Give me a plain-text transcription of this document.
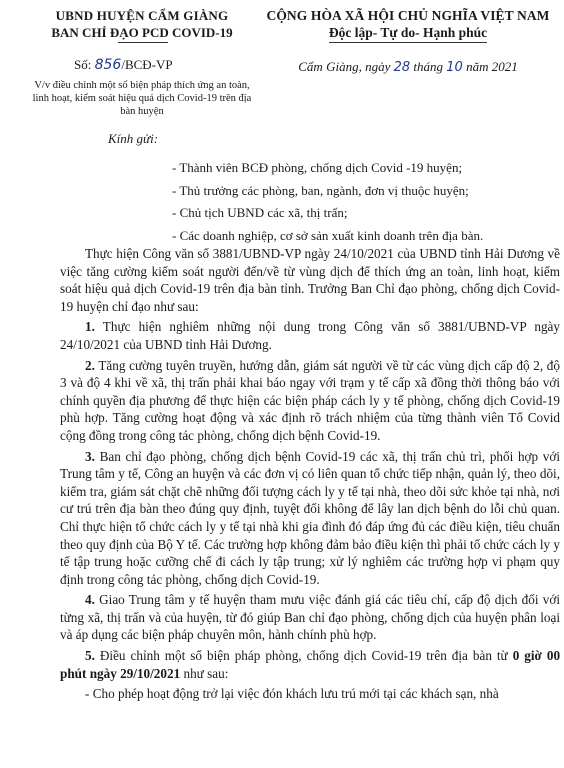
UBND HUYỆN CẨM GIÀNG
BAN CHỈ ĐẠO PCD COVID-19
Số: 856/BCĐ-VP
V/v điều chỉnh một số biện pháp thích ứng an toàn, linh hoạt, kiểm soát hiệu quả dịch Covid-19 trên địa bàn huyện
CỘNG HÒA XÃ HỘI CHỦ NGHĨA VIỆT NAM
Độc lập- Tự do- Hạnh phúc
Cẩm Giàng, ngày 28 tháng 10 năm 2021
Kính gửi:
- Thành viên BCĐ phòng, chống dịch Covid -19 huyện;
- Thủ trưởng các phòng, ban, ngành, đơn vị thuộc huyện;
- Chủ tịch UBND các xã, thị trấn;
- Các doanh nghiệp, cơ sở sản xuất kinh doanh trên địa bàn.

Thực hiện Công văn số 3881/UBND-VP ngày 24/10/2021 của UBND tỉnh Hải Dương về việc tăng cường kiểm soát người đến/về từ vùng dịch để thích ứng an toàn, linh hoạt, kiểm soát hiệu quả dịch Covid-19 trên địa bàn tỉnh. Trưởng Ban Chỉ đạo phòng, chống dịch Covid-19 huyện chỉ đạo như sau:

1. Thực hiện nghiêm những nội dung trong Công văn số 3881/UBND-VP ngày 24/10/2021 của UBND tỉnh Hải Dương.

2. Tăng cường tuyên truyền, hướng dẫn, giám sát người về từ các vùng dịch cấp độ 2, độ 3 và độ 4 khi về xã, thị trấn phải khai báo ngay với trạm y tế cấp xã đồng thời thông báo với chính quyền địa phương để thực hiện các biện pháp cách ly y tế phòng, chống dịch Covid-19 phù hợp. Tăng cường hoạt động và xác định rõ trách nhiệm của từng thành viên Tổ Covid cộng đồng trong công tác phòng, chống dịch bệnh Covid-19.

3. Ban chỉ đạo phòng, chống dịch bệnh Covid-19 các xã, thị trấn chủ trì, phối hợp với Trung tâm y tế, Công an huyện và các đơn vị có liên quan tổ chức tiếp nhận, quản lý, theo dõi, kiểm tra, giám sát chặt chẽ những đối tượng cách ly y tế tại nhà, theo dõi sức khỏe tại nhà, nơi cư trú trên địa bàn theo đúng quy định, tuyệt đối không để lây lan dịch bệnh do lỗi chủ quan. Chỉ thực hiện tổ chức cách ly y tế tại nhà khi gia đình đó đáp ứng đủ các điều kiện, tiêu chuẩn theo quy định của Bộ Y tế. Các trường hợp không đảm bảo điều kiện thì phải tổ chức cách ly y tế tập trung hoặc cưỡng chế đi cách ly tập trung; xử lý nghiêm các trường hợp vi phạm quy định trong công tác phòng, chống dịch Covid-19.

4. Giao Trung tâm y tế huyện tham mưu việc đánh giá các tiêu chí, cấp độ dịch đối với từng xã, thị trấn và của huyện, từ đó giúp Ban chỉ đạo phòng, chống dịch của huyện phân loại và áp dụng các biện pháp chuyên môn, hành chính phù hợp.

5. Điều chỉnh một số biện pháp phòng, chống dịch Covid-19 trên địa bàn từ 0 giờ 00 phút ngày 29/10/2021 như sau:

- Cho phép hoạt động trở lại việc đón khách lưu trú mới tại các khách sạn, nhà
